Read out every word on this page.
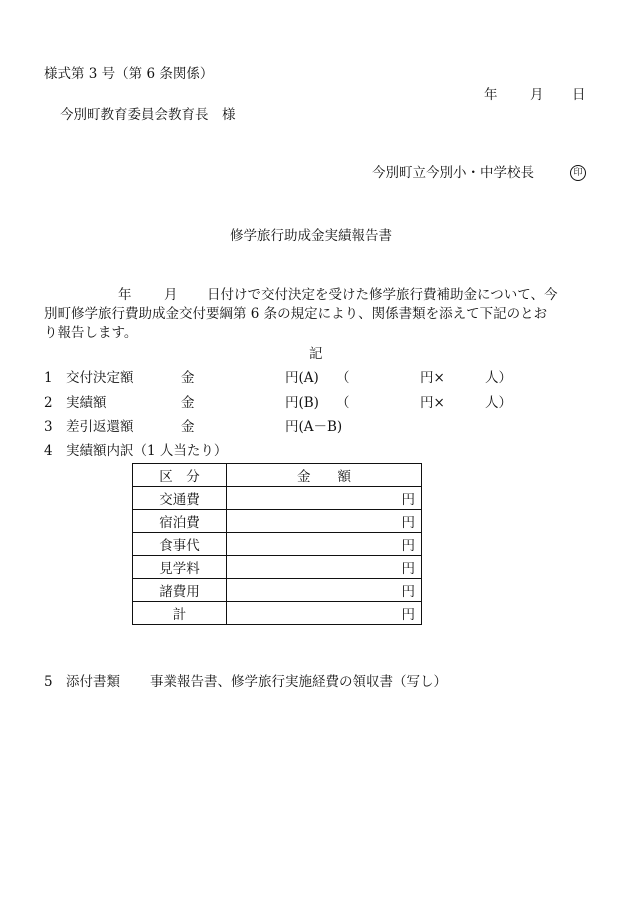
様式第 3 号（第 6 条関係）
年 月 日
今別町教育委員会教育長　様
今別町立今別小・中学校長	印
修学旅行助成金実績報告書
年 月 日付けで交付決定を受けた修学旅行費補助金について、今
別町修学旅行費助成金交付要綱第 6 条の規定により、関係書類を添えて下記のとお
り報告します。
記
1 交付決定額	金	円(A) （	円×	人）
2 実績額	金	円(B) （	円×	人）
3 差引返還額	金	円(A－B)
4 実績額内訳（1 人当たり）
区　分	金　　額
交通費	円
宿泊費	円
食事代	円
見学料	円
諸費用	円
計	円
5 添付書類 事業報告書、修学旅行実施経費の領収書（写し）
